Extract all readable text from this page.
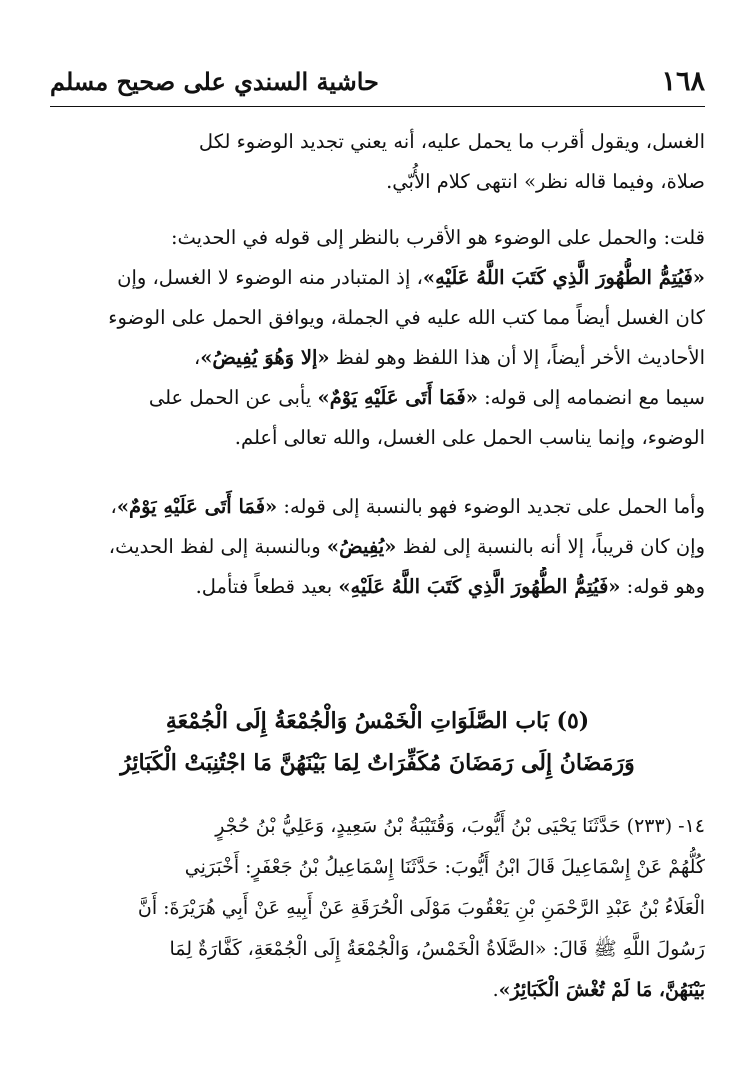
١٦٨
حاشية السندي على صحيح مسلم
الغسل، ويقول أقرب ما يحمل عليه، أنه يعني تجديد الوضوء لكل
صلاة، وفيما قاله نظر» انتهى كلام الأُبّي.
قلت: والحمل على الوضوء هو الأقرب بالنظر إلى قوله في الحديث:
«فَيُتِمُّ الطُّهُورَ الَّذِي كَتَبَ اللَّهُ عَلَيْهِ»، إذ المتبادر منه الوضوء لا الغسل، وإن
كان الغسل أيضاً مما كتب الله عليه في الجملة، ويوافق الحمل على الوضوء
الأحاديث الأخر أيضاً، إلا أن هذا اللفظ وهو لفظ «إلا وَهُوَ يُفِيضُ»،
سيما مع انضمامه إلى قوله: «فَمَا أَتَى عَلَيْهِ يَوْمٌ» يأبى عن الحمل على
الوضوء، وإنما يناسب الحمل على الغسل، والله تعالى أعلم.
وأما الحمل على تجديد الوضوء فهو بالنسبة إلى قوله: «فَمَا أَتَى عَلَيْهِ يَوْمٌ»،
وإن كان قريباً، إلا أنه بالنسبة إلى لفظ «يُفِيضُ» وبالنسبة إلى لفظ الحديث،
وهو قوله: «فَيُتِمُّ الطُّهُورَ الَّذِي كَتَبَ اللَّهُ عَلَيْهِ» بعيد قطعاً فتأمل.
(٥) بَاب الصَّلَوَاتِ الْخَمْسُ وَالْجُمْعَةُ إِلَى الْجُمْعَةِ
وَرَمَضَانُ إِلَى رَمَضَانَ مُكَفِّرَاتٌ لِمَا بَيْنَهُنَّ مَا اجْتُنِبَتْ الْكَبَائِرُ
١٤- (٢٣٣) حَدَّثَنَا يَحْيَى بْنُ أَيُّوبَ، وَقُتَيْبَةُ بْنُ سَعِيدٍ، وَعَلِيُّ بْنُ حُجْرٍ
كُلُّهُمْ عَنْ إِسْمَاعِيلَ قَالَ ابْنُ أَيُّوبَ: حَدَّثَنَا إِسْمَاعِيلُ بْنُ جَعْفَرٍ: أَخْبَرَنِي
الْعَلَاءُ بْنُ عَبْدِ الرَّحْمَنِ بْنِ يَعْقُوبَ مَوْلَى الْحُرَقَةِ عَنْ أَبِيهِ عَنْ أَبِي هُرَيْرَةَ: أَنَّ
رَسُولَ اللَّهِ ﷺ قَالَ: «الصَّلَاةُ الْخَمْسُ، وَالْجُمْعَةُ إِلَى الْجُمْعَةِ، كَفَّارَةٌ لِمَا
بَيْنَهُنَّ، مَا لَمْ تُغْشَ الْكَبَائِرُ».
